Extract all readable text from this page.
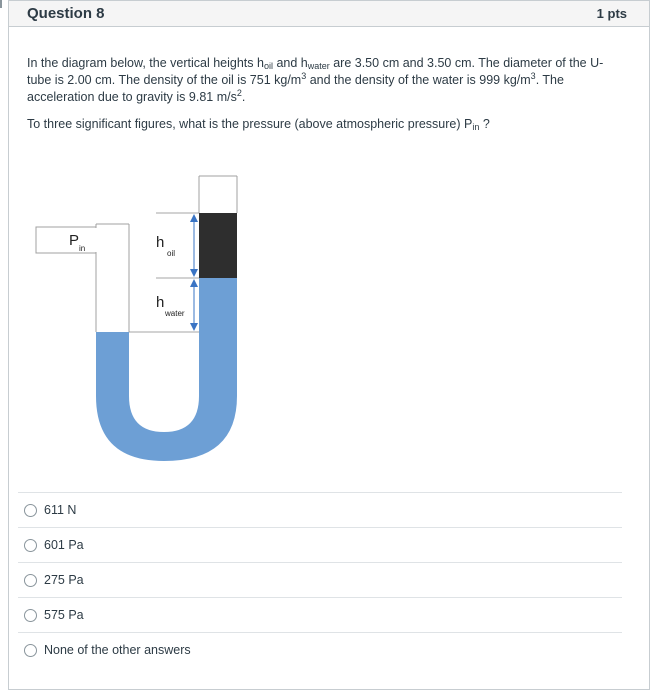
Question 8	1 pts

In the diagram below, the vertical heights $h_{oil}$ and $h_{water}$ are 3.50 cm and 3.50 cm. The diameter of the U-tube is 2.00 cm. The density of the oil is 751 $kg/m^3$ and the density of the water is 999 $kg/m^3$. The acceleration due to gravity is 9.81 $m/s^2$.

To three significant figures, what is the pressure (above atmospheric pressure) $P_{in}$ ?

P in	h
oil
h
water
611 N
601 Pa
275 Pa
575 Pa
None of the other answers
